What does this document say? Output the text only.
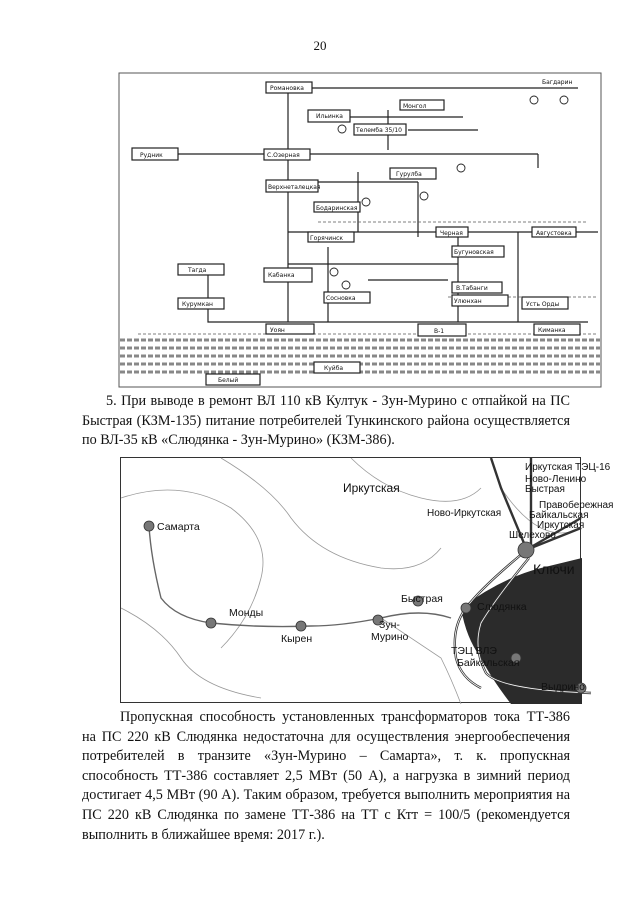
20
Романовка
Монгол
Ильинка
Телемба 35/10
Рудник	С.Озерная
Гурулба
Верхнеталецкая
Бодаринская
Горячинск
Черная	Августовка
Бугуновская
Тагда
Кабанка
Сосновка	Улюнхан
Курумкан
В.Табанги
Усть Орды
Уоян	В-1	Киманка
Куйба
Белый
Багдарин

5. При выводе в ремонт ВЛ 110 кВ Култук - Зун-Мурино с отпайкой на ПС Быстрая (КЗМ-135) питание потребителей Тункинского района осуществляется по ВЛ-35 кВ «Слюдянка - Зун-Мурино» (КЗМ-386).

Иркутская ТЭЦ-16
Ново-Ленино
Быстрая
Иркутская
Ново-Иркутская
Правобережная
Байкальская
Иркутская
Шелехово
Ключи
Самарта
Монды
Кырен
Зун-
Мурино
Быстрая
Слюдянка
ТЭЦ ВЛЭ
Байкальская
Выдрино

Пропускная способность установленных трансформаторов тока ТТ-386 на ПС 220 кВ Слюдянка недостаточна для осуществления энергообеспечения потребителей в транзите «Зун-Мурино – Самарта», т. к. пропускная способность ТТ-386 составляет 2,5 МВт (50 А), а нагрузка в зимний период достигает 4,5 МВт (90 А). Таким образом, требуется выполнить мероприятия на ПС 220 кВ Слюдянка по замене ТТ-386 на ТТ с Ктт = 100/5 (рекомендуется выполнить в ближайшее время: 2017 г.).
